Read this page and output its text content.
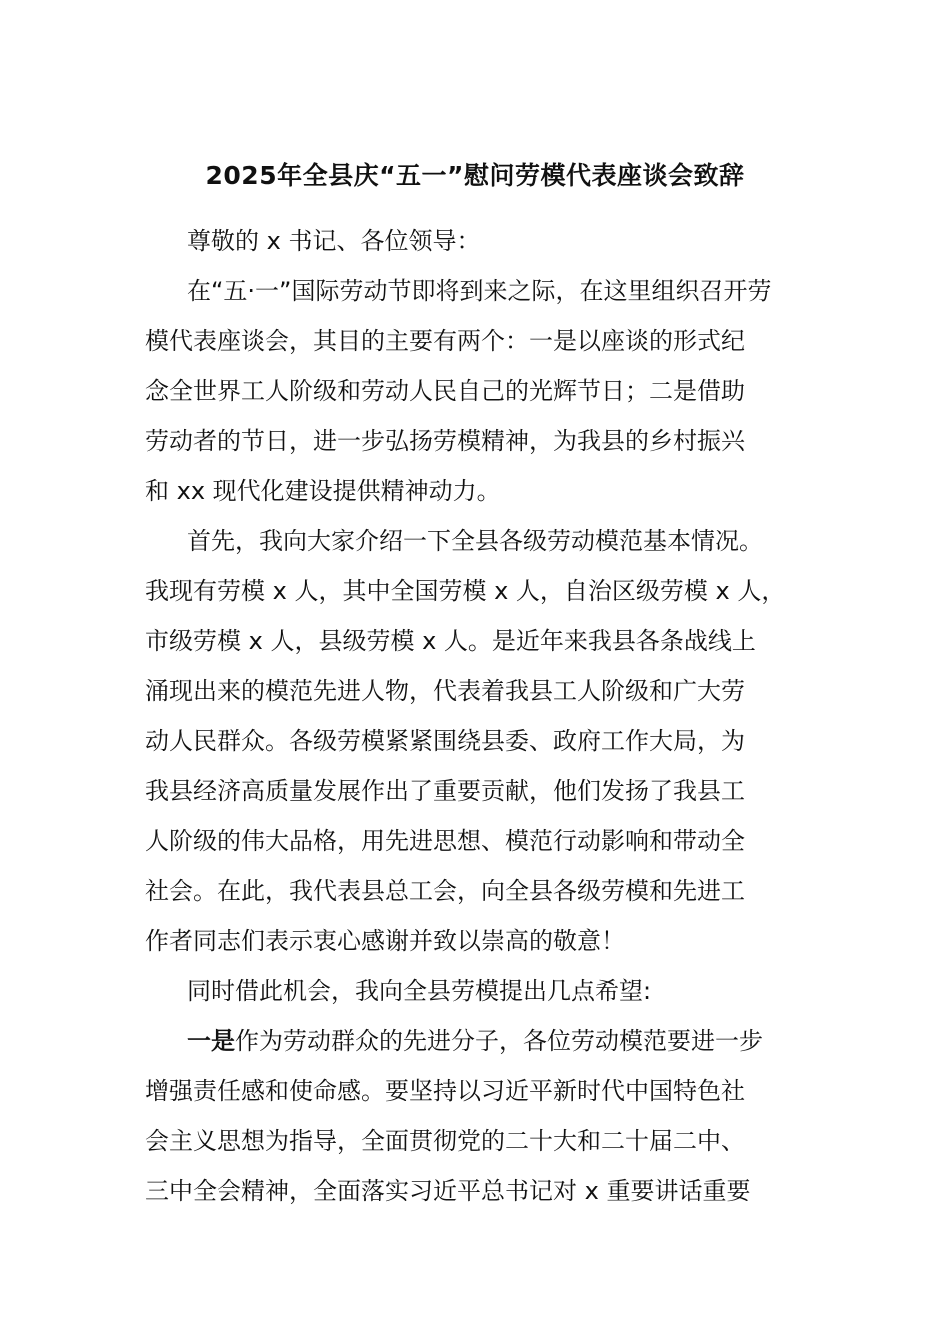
2025年全县庆“五一”慰问劳模代表座谈会致辞
尊敬的 x 书记、各位领导：
在“五·一”国际劳动节即将到来之际，在这里组织召开劳
模代表座谈会，其目的主要有两个：一是以座谈的形式纪
念全世界工人阶级和劳动人民自己的光辉节日；二是借助
劳动者的节日，进一步弘扬劳模精神，为我县的乡村振兴
和 xx 现代化建设提供精神动力。
首先，我向大家介绍一下全县各级劳动模范基本情况。
我现有劳模 x 人，其中全国劳模 x 人，自治区级劳模 x 人，
市级劳模 x 人，县级劳模 x 人。是近年来我县各条战线上
涌现出来的模范先进人物，代表着我县工人阶级和广大劳
动人民群众。各级劳模紧紧围绕县委、政府工作大局，为
我县经济高质量发展作出了重要贡献，他们发扬了我县工
人阶级的伟大品格，用先进思想、模范行动影响和带动全
社会。在此，我代表县总工会，向全县各级劳模和先进工
作者同志们表示衷心感谢并致以崇高的敬意！
同时借此机会，我向全县劳模提出几点希望:
一是作为劳动群众的先进分子，各位劳动模范要进一步
增强责任感和使命感。要坚持以习近平新时代中国特色社
会主义思想为指导，全面贯彻党的二十大和二十届二中、
三中全会精神，全面落实习近平总书记对 x 重要讲话重要
